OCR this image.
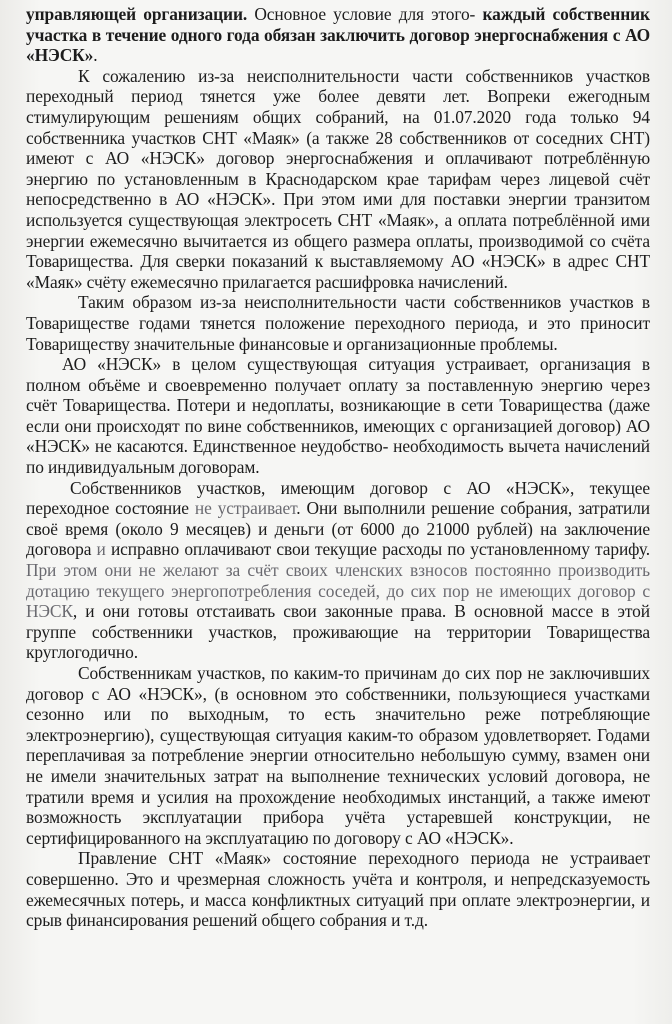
управляющей организации. Основное условие для этого- каждый собственник участка в течение одного года обязан заключить договор энергоснабжения с АО «НЭСК».

К сожалению из-за неисполнительности части собственников участков переходный период тянется уже более девяти лет. Вопреки ежегодным стимулирующим решениям общих собраний, на 01.07.2020 года только 94 собственника участков СНТ «Маяк» (а также 28 собственников от соседних СНТ) имеют с АО «НЭСК» договор энергоснабжения и оплачивают потреблённую энергию по установленным в Краснодарском крае тарифам через лицевой счёт непосредственно в АО «НЭСК». При этом ими для поставки энергии транзитом используется существующая электросеть СНТ «Маяк», а оплата потреблённой ими энергии ежемесячно вычитается из общего размера оплаты, производимой со счёта Товарищества. Для сверки показаний к выставляемому АО «НЭСК» в адрес СНТ «Маяк» счёту ежемесячно прилагается расшифровка начислений.

Таким образом из-за неисполнительности части собственников участков в Товариществе годами тянется положение переходного периода, и это приносит Товариществу значительные финансовые и организационные проблемы.

АО «НЭСК» в целом существующая ситуация устраивает, организация в полном объёме и своевременно получает оплату за поставленную энергию через счёт Товарищества. Потери и недоплаты, возникающие в сети Товарищества (даже если они происходят по вине собственников, имеющих с организацией договор) АО «НЭСК» не касаются. Единственное неудобство- необходимость вычета начислений по индивидуальным договорам.

Собственников участков, имеющим договор с АО «НЭСК», текущее переходное состояние не устраивает. Они выполнили решение собрания, затратили своё время (около 9 месяцев) и деньги (от 6000 до 21000 рублей) на заключение договора и исправно оплачивают свои текущие расходы по установленному тарифу. При этом они не желают за счёт своих членских взносов постоянно производить дотацию текущего энергопотребления соседей, до сих пор не имеющих договор с НЭСК, и они готовы отстаивать свои законные права. В основной массе в этой группе собственники участков, проживающие на территории Товарищества круглогодично.

Собственникам участков, по каким-то причинам до сих пор не заключивших договор с АО «НЭСК», (в основном это собственники, пользующиеся участками сезонно или по выходным, то есть значительно реже потребляющие электроэнергию), существующая ситуация каким-то образом удовлетворяет. Годами переплачивая за потребление энергии относительно небольшую сумму, взамен они не имели значительных затрат на выполнение технических условий договора, не тратили время и усилия на прохождение необходимых инстанций, а также имеют возможность эксплуатации прибора учёта устаревшей конструкции, не сертифицированного на эксплуатацию по договору с АО «НЭСК».

Правление СНТ «Маяк» состояние переходного периода не устраивает совершенно. Это и чрезмерная сложность учёта и контроля, и непредсказуемость ежемесячных потерь, и масса конфликтных ситуаций при оплате электроэнергии, и срыв финансирования решений общего собрания и т.д.
